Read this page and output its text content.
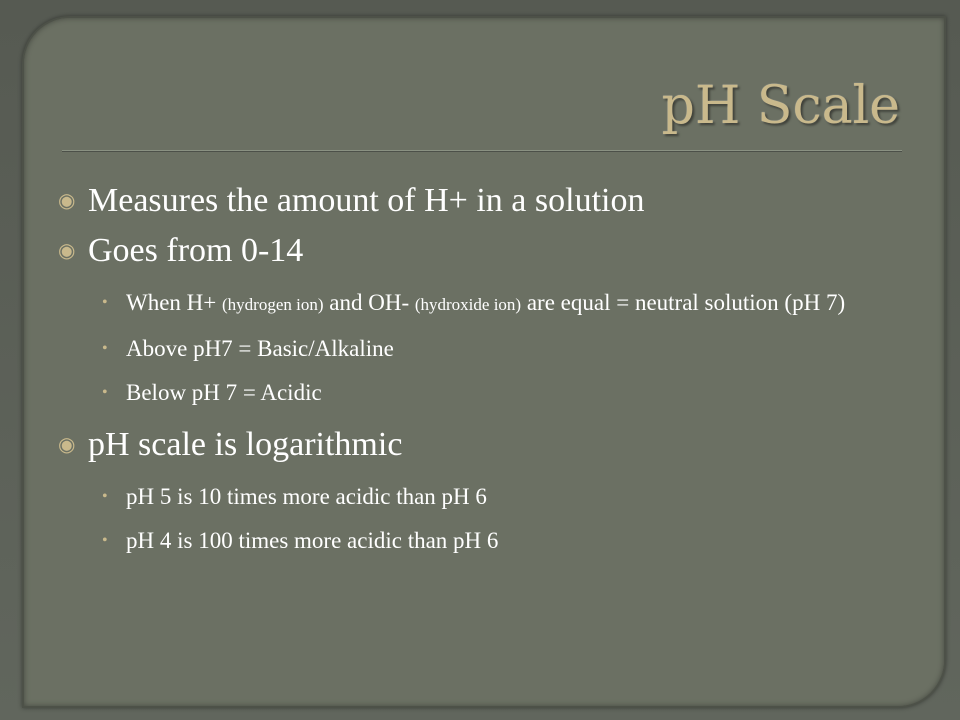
pH Scale
◉ Measures the amount of H+ in a solution
◉ Goes from 0-14
• When H+ (hydrogen ion) and OH- (hydroxide ion) are equal = neutral solution (pH 7)
• Above pH7 = Basic/Alkaline
• Below pH 7 = Acidic
◉ pH scale is logarithmic
• pH 5 is 10 times more acidic than pH 6
• pH 4 is 100 times more acidic than pH 6
